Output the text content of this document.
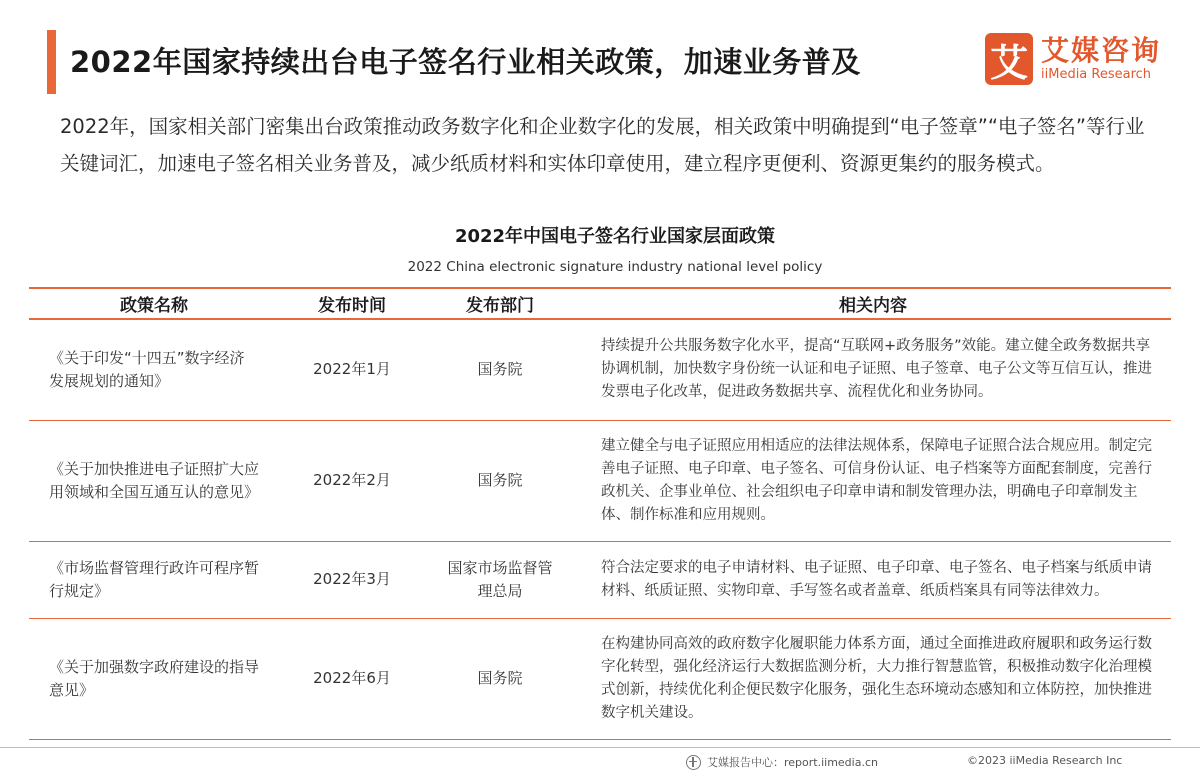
2022年国家持续出台电子签名行业相关政策，加速业务普及	艾 艾媒咨询
iiMedia Research

2022年，国家相关部门密集出台政策推动政务数字化和企业数字化的发展，相关政策中明确提到“电子签章”“电子签名”等行业关键词汇，加速电子签名相关业务普及，减少纸质材料和实体印章使用，建立程序更便利、资源更集约的服务模式。

2022年中国电子签名行业国家层面政策
2022 China electronic signature industry national level policy
政策名称	发布时间	发布部门	相关内容
《关于印发“十四五”数字经济发展规划的通知》	2022年1月	国务院	持续提升公共服务数字化水平，提高“互联网+政务服务”效能。建立健全政务数据共享协调机制，加快数字身份统一认证和电子证照、电子签章、电子公文等互信互认，推进发票电子化改革，促进政务数据共享、流程优化和业务协同。
《关于加快推进电子证照扩大应用领域和全国互通互认的意见》	2022年2月	国务院	建立健全与电子证照应用相适应的法律法规体系，保障电子证照合法合规应用。制定完善电子证照、电子印章、电子签名、可信身份认证、电子档案等方面配套制度，完善行政机关、企事业单位、社会组织电子印章申请和制发管理办法，明确电子印章制发主体、制作标准和应用规则。
《市场监督管理行政许可程序暂行规定》	2022年3月	国家市场监督管理总局	符合法定要求的电子申请材料、电子证照、电子印章、电子签名、电子档案与纸质申请材料、纸质证照、实物印章、手写签名或者盖章、纸质档案具有同等法律效力。
《关于加强数字政府建设的指导意见》	2022年6月	国务院	在构建协同高效的政府数字化履职能力体系方面，通过全面推进政府履职和政务运行数字化转型，强化经济运行大数据监测分析，大力推行智慧监管，积极推动数字化治理模式创新，持续优化利企便民数字化服务，强化生态环境动态感知和立体防控，加快推进数字机关建设。
艾媒报告中心：report.iimedia.cn	©2023 iiMedia Research Inc
